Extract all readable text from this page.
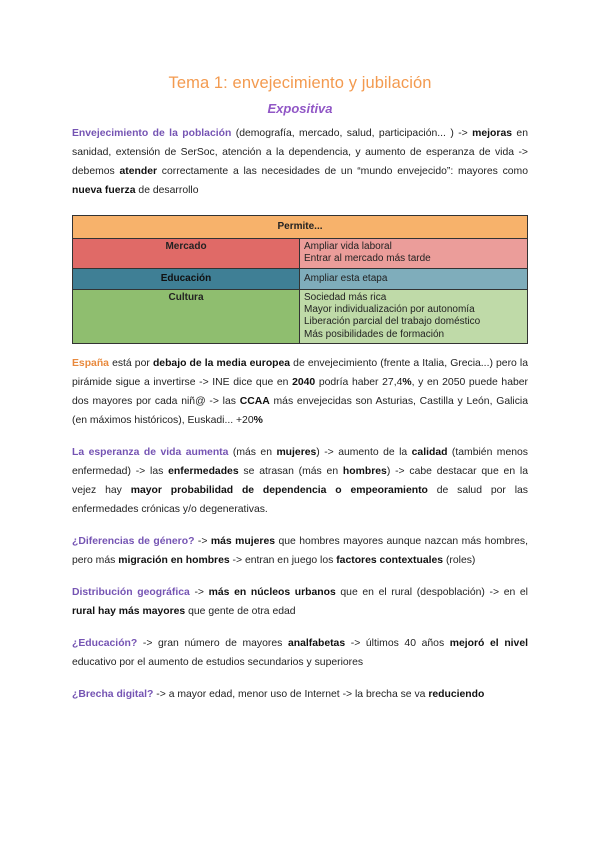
Tema 1: envejecimiento y jubilación
Expositiva

Envejecimiento de la población (demografía, mercado, salud, participación... ) -> mejoras en sanidad, extensión de SerSoc, atención a la dependencia, y aumento de esperanza de vida -> debemos atender correctamente a las necesidades de un “mundo envejecido”: mayores como nueva fuerza de desarrollo

Permite...	
Mercado	Ampliar vida laboral
Entrar al mercado más tarde

Educación	Ampliar esta etapa

Cultura	Sociedad más rica
Mayor individualización por autonomía
Liberación parcial del trabajo doméstico
Más posibilidades de formación

España está por debajo de la media europea de envejecimiento (frente a Italia, Grecia...) pero la pirámide sigue a invertirse -> INE dice que en 2040 podría haber 27,4%, y en 2050 puede haber dos mayores por cada niñ@ -> las CCAA más envejecidas son Asturias, Castilla y León, Galicia (en máximos históricos), Euskadi... +20%

La esperanza de vida aumenta (más en mujeres) -> aumento de la calidad (también menos enfermedad) -> las enfermedades se atrasan (más en hombres) -> cabe destacar que en la vejez hay mayor probabilidad de dependencia o empeoramiento de salud por las enfermedades crónicas y/o degenerativas.

¿Diferencias de género? -> más mujeres que hombres mayores aunque nazcan más hombres, pero más migración en hombres -> entran en juego los factores contextuales (roles)

Distribución geográfica -> más en núcleos urbanos que en el rural (despoblación) -> en el rural hay más mayores que gente de otra edad

¿Educación? -> gran número de mayores analfabetas -> últimos 40 años mejoró el nivel educativo por el aumento de estudios secundarios y superiores

¿Brecha digital? -> a mayor edad, menor uso de Internet -> la brecha se va reduciendo
